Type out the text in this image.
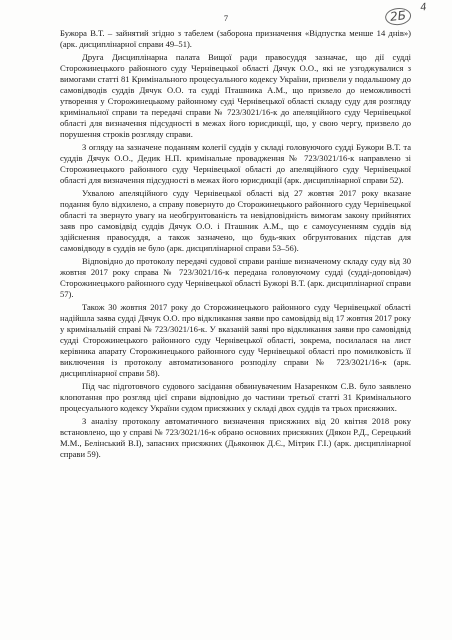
7	2Б
4

Бужора В.Т. – зайнятий згідно з табелем (заборона призначення «Відпустка менше 14 днів») (арк. дисциплінарної справи 49–51).

Друга Дисциплінарна палата Вищої ради правосуддя зазначає, що дії судді Сторожинецького районного суду Чернівецької області Дячук О.О., які не узгоджувалися з вимогами статті 81 Кримінального процесуального кодексу України, призвели у подальшому до самовідводів суддів Дячук О.О. та судді Пташника А.М., що призвело до неможливості утворення у Сторожинецькому районному суді Чернівецької області складу суду для розгляду кримінальної справи та передачі справи № 723/3021/16-к до апеляційного суду Чернівецької області для визначення підсудності в межах його юрисдикції, що, у свою чергу, призвело до порушення строків розгляду справи.

З огляду на зазначене поданням колегії суддів у складі головуючого судді Бужори В.Т. та суддів Дячук О.О., Дедик Н.П. кримінальне провадження № 723/3021/16-к направлено зі Сторожинецького районного суду Чернівецької області до апеляційного суду Чернівецької області для визначення підсудності в межах його юрисдикції (арк. дисциплінарної справи 52).

Ухвалою апеляційного суду Чернівецької області від 27 жовтня 2017 року вказане подання було відхилено, а справу повернуто до Сторожинецького районного суду Чернівецької області та звернуто увагу на необгрунтованість та невідповідність вимогам закону прийнятих заяв про самовідвід суддів Дячук О.О. і Пташник А.М., що є самоусуненням суддів від здійснення правосуддя, а також зазначено, що будь-яких обгрунтованих підстав для самовідводу в суддів не було (арк. дисциплінарної справи 53–56).

Відповідно до протоколу передачі судової справи раніше визначеному складу суду від 30 жовтня 2017 року справа № 723/3021/16-к передана головуючому судді (судді-доповідач) Сторожинецького районного суду Чернівецької області Бужорі В.Т. (арк. дисциплінарної справи 57).

Також 30 жовтня 2017 року до Сторожинецького районного суду Чернівецької області надійшла заява судді Дячук О.О. про відкликання заяви про самовідвід від 17 жовтня 2017 року у кримінальній справі № 723/3021/16-к. У вказаній заяві про відкликання заяви про самовідвід судді Сторожинецького районного суду Чернівецької області, зокрема, посилалася на лист керівника апарату Сторожинецького районного суду Чернівецької області про помилковість її виключення із протоколу автоматизованого розподілу справи № 723/3021/16-к (арк. дисциплінарної справи 58).

Під час підготовчого судового засідання обвинуваченим Назаренком С.В. було заявлено клопотання про розгляд цієї справи відповідно до частини третьої статті 31 Кримінального процесуального кодексу України судом присяжних у складі двох суддів та трьох присяжних.

З аналізу протоколу автоматичного визначення присяжних від 20 квітня 2018 року встановлено, що у справі № 723/3021/16-к обрано основних присяжних (Дякон Р.Д., Серецький М.М., Белінський В.І), запасних присяжних (Дьяконюк Д.Є., Мітрик Г.І.) (арк. дисциплінарної справи 59).
